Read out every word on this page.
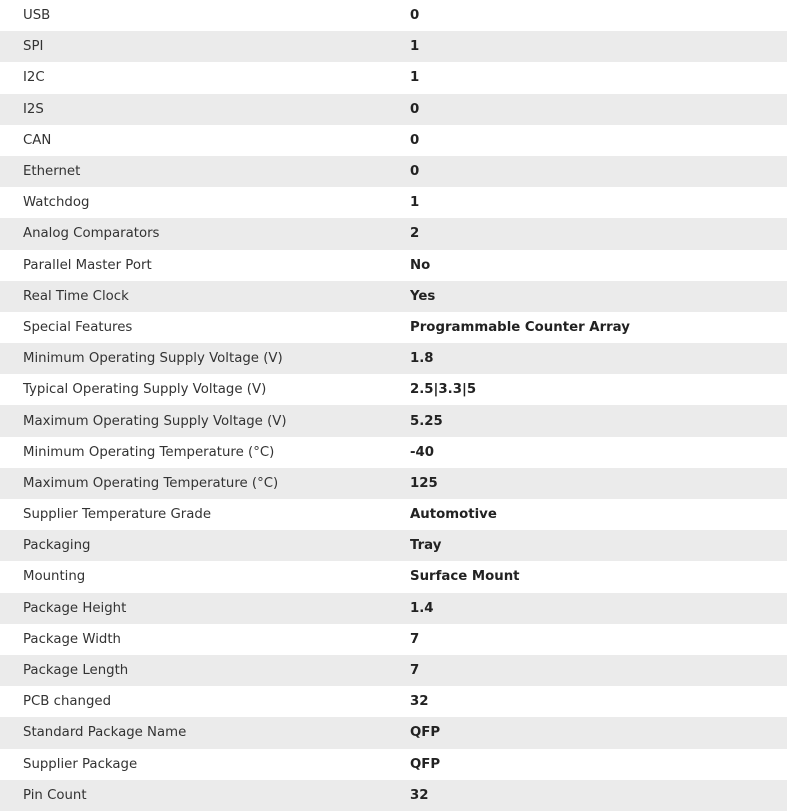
USB	0
SPI	1
I2C	1
I2S	0
CAN	0
Ethernet	0
Watchdog	1
Analog Comparators	2
Parallel Master Port	No
Real Time Clock	Yes
Special Features	Programmable Counter Array
Minimum Operating Supply Voltage (V)	1.8
Typical Operating Supply Voltage (V)	2.5|3.3|5
Maximum Operating Supply Voltage (V)	5.25
Minimum Operating Temperature (°C)	-40
Maximum Operating Temperature (°C)	125
Supplier Temperature Grade	Automotive
Packaging	Tray
Mounting	Surface Mount
Package Height	1.4
Package Width	7
Package Length	7
PCB changed	32
Standard Package Name	QFP
Supplier Package	QFP
Pin Count	32
